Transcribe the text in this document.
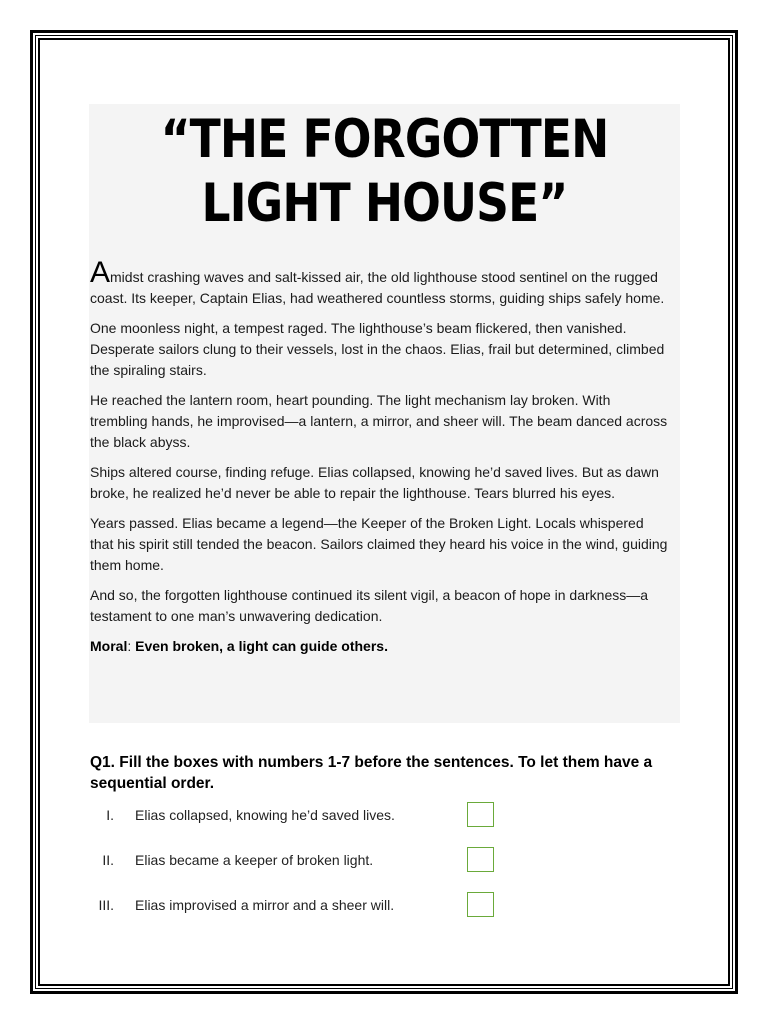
“THE FORGOTTEN
LIGHT HOUSE”

Amidst crashing waves and salt-kissed air, the old lighthouse stood sentinel on the rugged coast. Its keeper, Captain Elias, had weathered countless storms, guiding ships safely home.

One moonless night, a tempest raged. The lighthouse’s beam flickered, then vanished. Desperate sailors clung to their vessels, lost in the chaos. Elias, frail but determined, climbed the spiraling stairs.

He reached the lantern room, heart pounding. The light mechanism lay broken. With trembling hands, he improvised—a lantern, a mirror, and sheer will. The beam danced across the black abyss.

Ships altered course, finding refuge. Elias collapsed, knowing he’d saved lives. But as dawn broke, he realized he’d never be able to repair the lighthouse. Tears blurred his eyes.

Years passed. Elias became a legend—the Keeper of the Broken Light. Locals whispered that his spirit still tended the beacon. Sailors claimed they heard his voice in the wind, guiding them home.

And so, the forgotten lighthouse continued its silent vigil, a beacon of hope in darkness—a testament to one man’s unwavering dedication.

Moral: Even broken, a light can guide others.

Q1. Fill the boxes with numbers 1-7 before the sentences. To let them have a sequential order.

I. Elias collapsed, knowing he’d saved lives.
II. Elias became a keeper of broken light.
III. Elias improvised a mirror and a sheer will.
